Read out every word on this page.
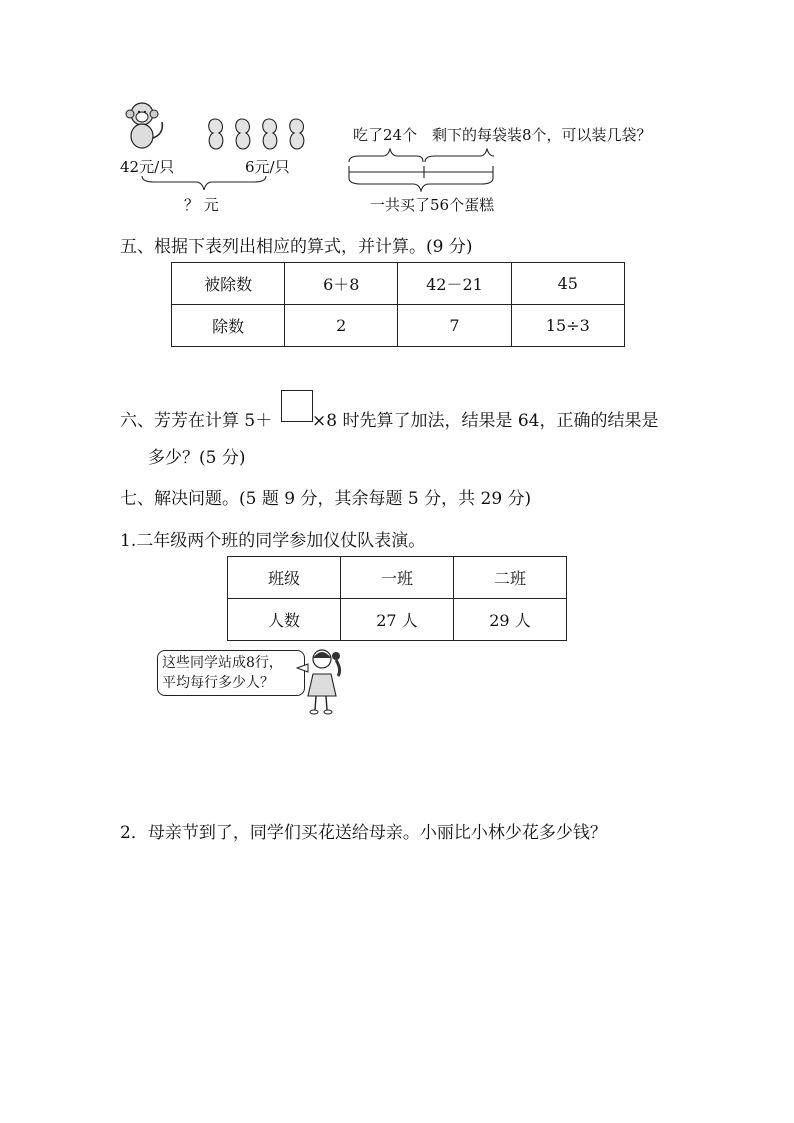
42元/只	6元/只
？ 元
吃了24个 剩下的每袋装8个，可以装几袋？
一共买了56个蛋糕
五、根据下表列出相应的算式，并计算。(9 分)
被除数	6＋8	42－21	45
除数	2	7	15÷3
六、芳芳在计算 5＋ ×8 时先算了加法，结果是 64，正确的结果是
多少？(5 分)
七、解决问题。(5 题 9 分，其余每题 5 分，共 29 分)
1.二年级两个班的同学参加仪仗队表演。
班级	一班	二班
人数	27 人	29 人
这些同学站成8行，
平均每行多少人？
2．母亲节到了，同学们买花送给母亲。小丽比小林少花多少钱？
